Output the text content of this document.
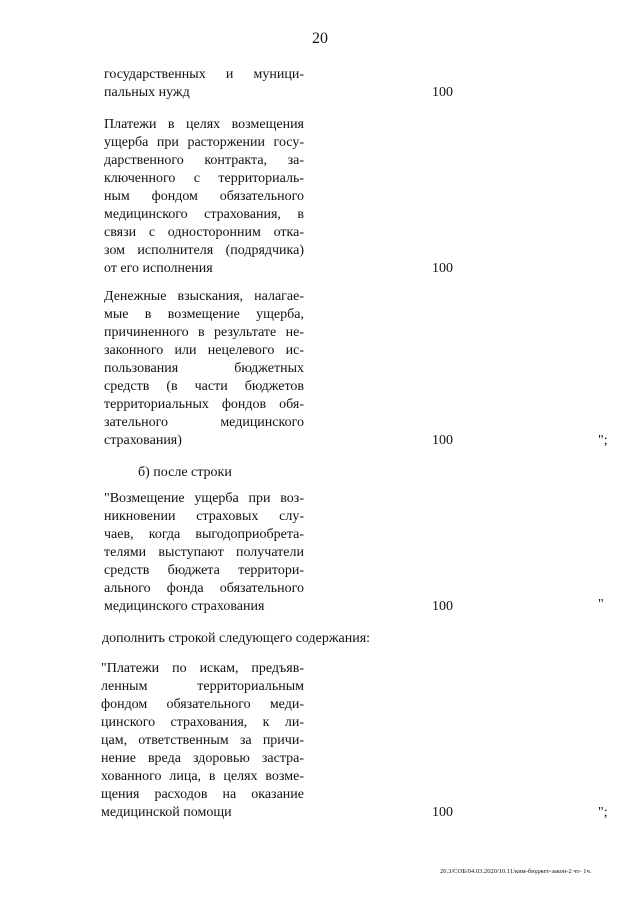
20
государственных и муници-
пальных нужд	100
Платежи в целях возмещения
ущерба при расторжении госу-
дарственного контракта, за-
ключенного с территориаль-
ным фондом обязательного
медицинского страхования, в
связи с односторонним отка-
зом исполнителя (подрядчика)
от его исполнения	100
Денежные взыскания, налагае-
мые в возмещение ущерба,
причиненного в результате не-
законного или нецелевого ис-
пользования бюджетных
средств (в части бюджетов
территориальных фондов обя-
зательного медицинского
страхования)	100	";
б) после строки
"Возмещение ущерба при воз-
никновении страховых слу-
чаев, когда выгодоприобрета-
телями выступают получатели
средств бюджета территори-
ального фонда обязательного
медицинского страхования	100	"
дополнить строкой следующего содержания:
"Платежи по искам, предъяв-
ленным территориальным
фондом обязательного меди-
цинского страхования, к ли-
цам, ответственным за причи-
нение вреда здоровью застра-
хованного лица, в целях возме-
щения расходов на оказание
медицинской помощи	100	";
20.3/СОБ/04.03.2020/10.11/ким-бюджет-закон-2 чт- 1ч.
